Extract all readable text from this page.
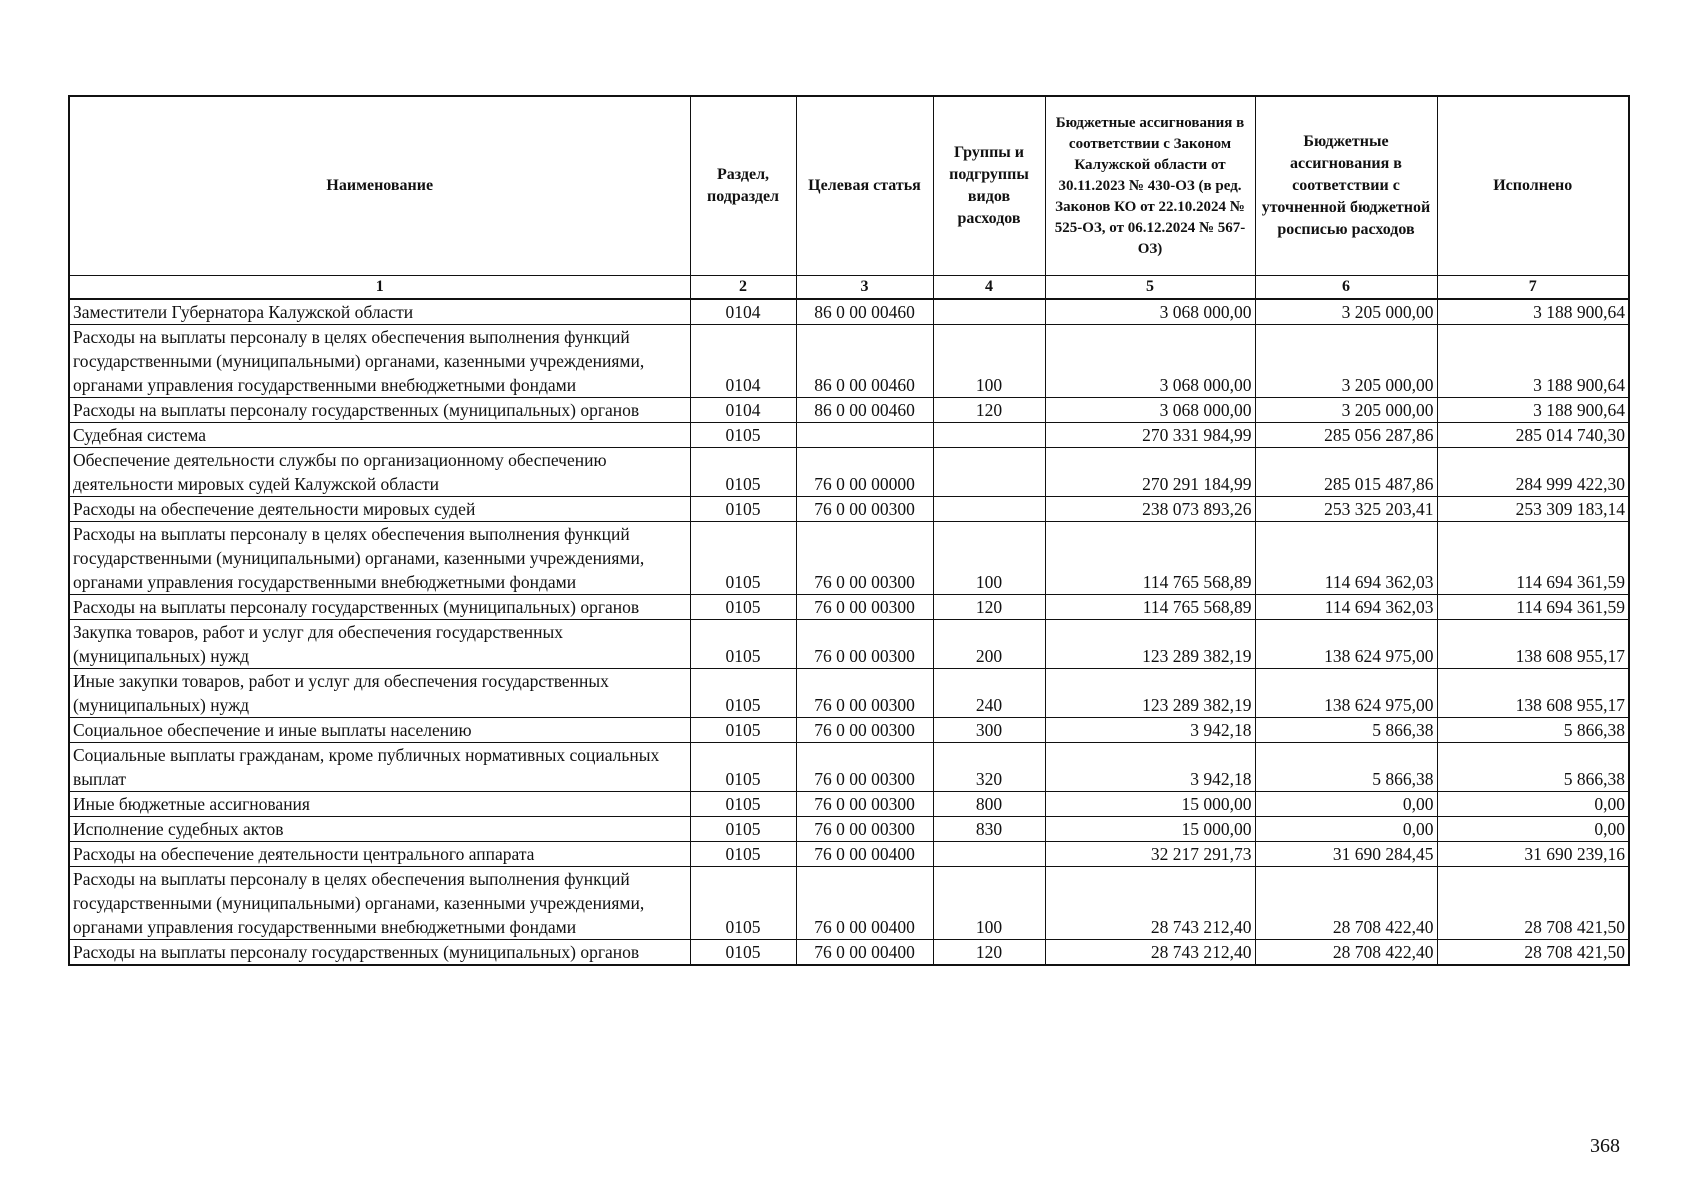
Наименование	Раздел, подраздел	Целевая статья	Группы и подгруппы видов расходов	Бюджетные ассигнования в соответствии с Законом Калужской области от 30.11.2023 № 430-ОЗ (в ред. Законов КО от 22.10.2024 № 525-ОЗ, от 06.12.2024 № 567-ОЗ)	Бюджетные ассигнования в соответствии с уточненной бюджетной росписью расходов	Исполнено
1	2	3	4	5	6	7
Заместители Губернатора Калужской области	0104	86 0 00 00460		3 068 000,00	3 205 000,00	3 188 900,64
Расходы на выплаты персоналу в целях обеспечения выполнения функций государственными (муниципальными) органами, казенными учреждениями, органами управления государственными внебюджетными фондами	0104	86 0 00 00460	100	3 068 000,00	3 205 000,00	3 188 900,64
Расходы на выплаты персоналу государственных (муниципальных) органов	0104	86 0 00 00460	120	3 068 000,00	3 205 000,00	3 188 900,64
Судебная система	0105			270 331 984,99	285 056 287,86	285 014 740,30
Обеспечение деятельности службы по организационному обеспечению деятельности мировых судей Калужской области	0105	76 0 00 00000		270 291 184,99	285 015 487,86	284 999 422,30
Расходы на обеспечение деятельности мировых судей	0105	76 0 00 00300		238 073 893,26	253 325 203,41	253 309 183,14
Расходы на выплаты персоналу в целях обеспечения выполнения функций государственными (муниципальными) органами, казенными учреждениями, органами управления государственными внебюджетными фондами	0105	76 0 00 00300	100	114 765 568,89	114 694 362,03	114 694 361,59
Расходы на выплаты персоналу государственных (муниципальных) органов	0105	76 0 00 00300	120	114 765 568,89	114 694 362,03	114 694 361,59
Закупка товаров, работ и услуг для обеспечения государственных (муниципальных) нужд	0105	76 0 00 00300	200	123 289 382,19	138 624 975,00	138 608 955,17
Иные закупки товаров, работ и услуг для обеспечения государственных (муниципальных) нужд	0105	76 0 00 00300	240	123 289 382,19	138 624 975,00	138 608 955,17
Социальное обеспечение и иные выплаты населению	0105	76 0 00 00300	300	3 942,18	5 866,38	5 866,38
Социальные выплаты гражданам, кроме публичных нормативных социальных выплат	0105	76 0 00 00300	320	3 942,18	5 866,38	5 866,38
Иные бюджетные ассигнования	0105	76 0 00 00300	800	15 000,00	0,00	0,00
Исполнение судебных актов	0105	76 0 00 00300	830	15 000,00	0,00	0,00
Расходы на обеспечение деятельности центрального аппарата	0105	76 0 00 00400		32 217 291,73	31 690 284,45	31 690 239,16
Расходы на выплаты персоналу в целях обеспечения выполнения функций государственными (муниципальными) органами, казенными учреждениями, органами управления государственными внебюджетными фондами	0105	76 0 00 00400	100	28 743 212,40	28 708 422,40	28 708 421,50
Расходы на выплаты персоналу государственных (муниципальных) органов	0105	76 0 00 00400	120	28 743 212,40	28 708 422,40	28 708 421,50
368
